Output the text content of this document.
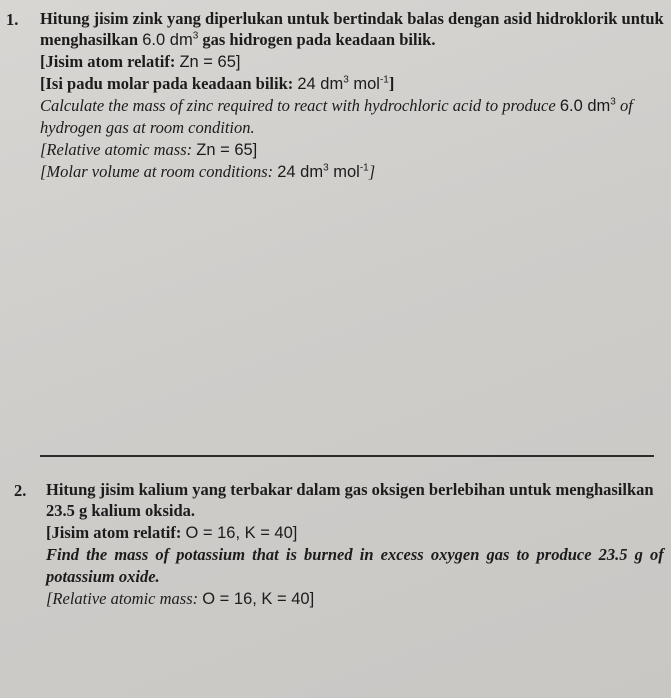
1. Hitung jisim zink yang diperlukan untuk bertindak balas dengan asid hidroklorik untuk
menghasilkan 6.0 $dm^3$ gas hidrogen pada keadaan bilik.
[Jisim atom relatif: Zn = 65]
[Isi padu molar pada keadaan bilik: 24 $dm^3$ mol$^{-1}$]
Calculate the mass of zinc required to react with hydrochloric acid to produce 6.0 $dm^3$ of
hydrogen gas at room condition.
[Relative atomic mass: Zn = 65]
[Molar volume at room conditions: 24 $dm^3$ mol$^{-1}$]
2. Hitung jisim kalium yang terbakar dalam gas oksigen berlebihan untuk menghasilkan
23.5 g kalium oksida.
[Jisim atom relatif: O = 16, K = 40]
Find the mass of potassium that is burned in excess oxygen gas to produce 23.5 g of
potassium oxide.
[Relative atomic mass: O = 16, K = 40]
